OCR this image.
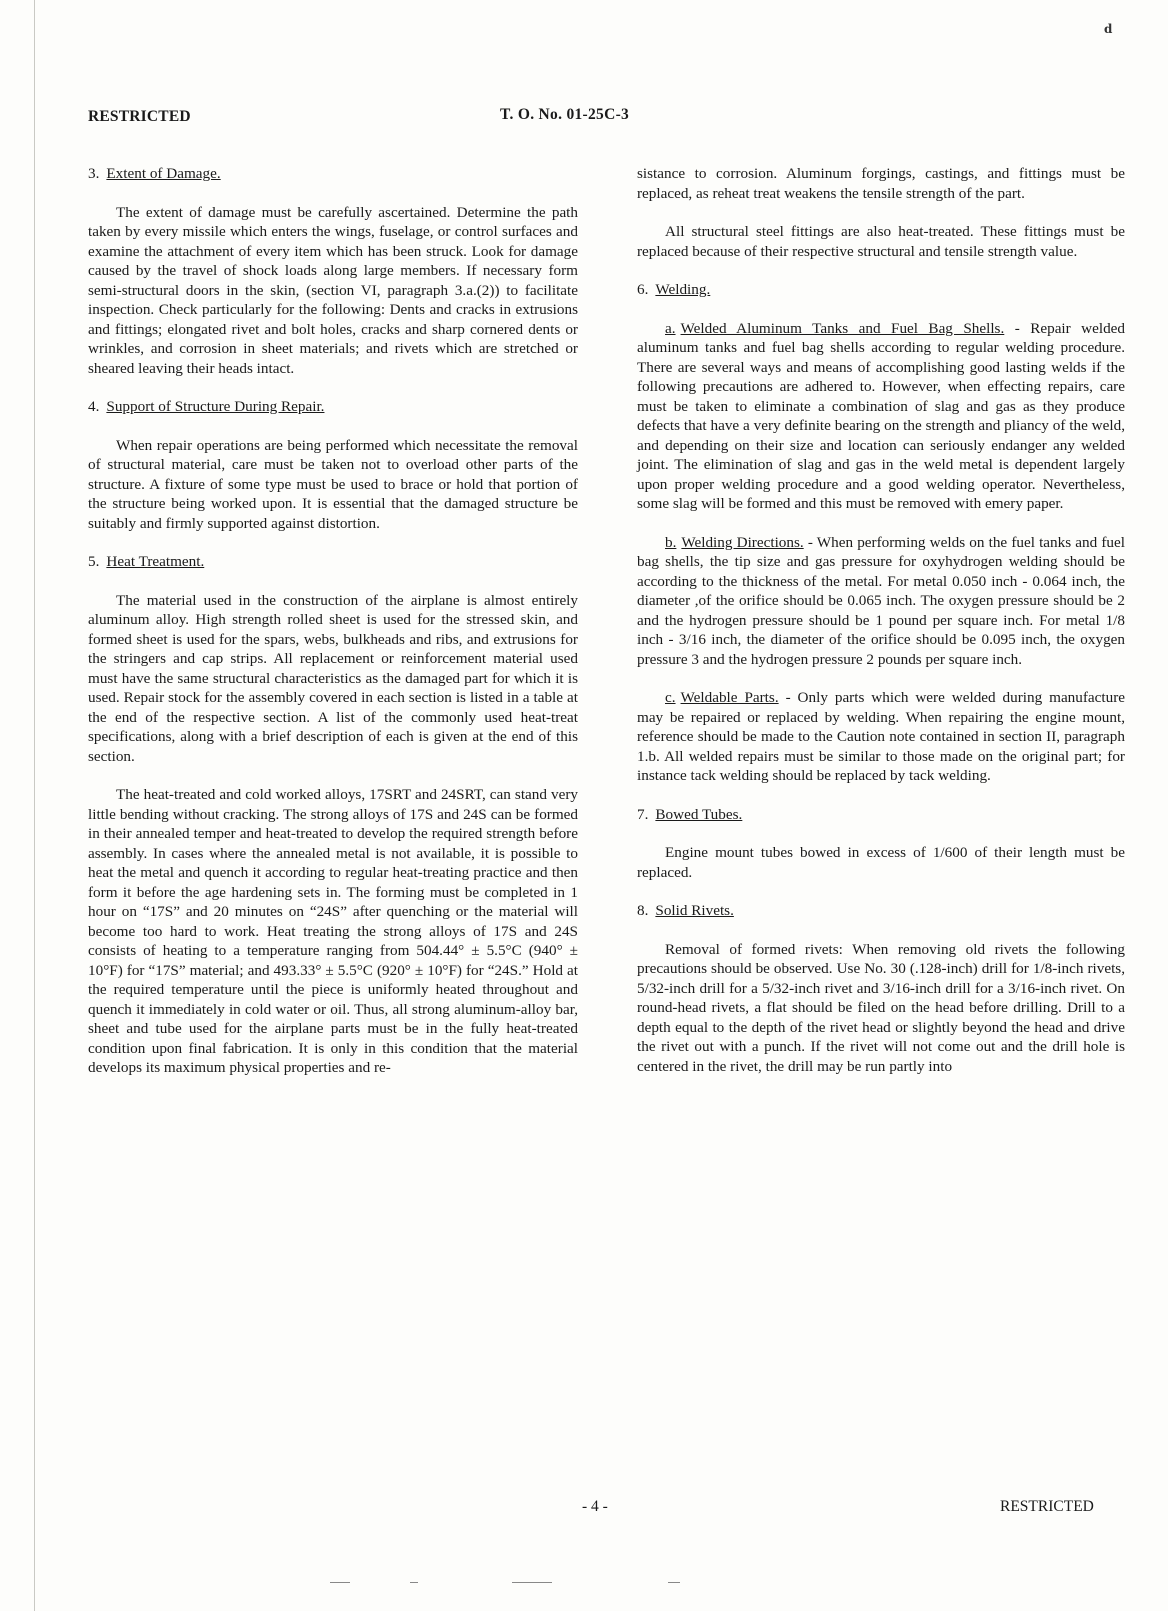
d
RESTRICTED	T. O. No. 01-25C-3
3. Extent of Damage.

The extent of damage must be carefully ascertained. Determine the path taken by every missile which enters the wings, fuselage, or control surfaces and examine the attachment of every item which has been struck. Look for damage caused by the travel of shock loads along large members. If necessary form semi-structural doors in the skin, (section VI, paragraph 3.a.(2)) to facilitate inspection. Check particularly for the following: Dents and cracks in extrusions and fittings; elongated rivet and bolt holes, cracks and sharp cornered dents or wrinkles, and corrosion in sheet materials; and rivets which are stretched or sheared leaving their heads intact.

4. Support of Structure During Repair.

When repair operations are being performed which necessitate the removal of structural material, care must be taken not to overload other parts of the structure. A fixture of some type must be used to brace or hold that portion of the structure being worked upon. It is essential that the damaged structure be suitably and firmly supported against distortion.

5. Heat Treatment.

The material used in the construction of the airplane is almost entirely aluminum alloy. High strength rolled sheet is used for the stressed skin, and formed sheet is used for the spars, webs, bulkheads and ribs, and extrusions for the stringers and cap strips. All replacement or reinforcement material used must have the same structural characteristics as the damaged part for which it is used. Repair stock for the assembly covered in each section is listed in a table at the end of the respective section. A list of the commonly used heat-treat specifications, along with a brief description of each is given at the end of this section.

The heat-treated and cold worked alloys, 17SRT and 24SRT, can stand very little bending without cracking. The strong alloys of 17S and 24S can be formed in their annealed temper and heat-treated to develop the required strength before assembly. In cases where the annealed metal is not available, it is possible to heat the metal and quench it according to regular heat-treating practice and then form it before the age hardening sets in. The forming must be completed in 1 hour on “17S” and 20 minutes on “24S” after quenching or the material will become too hard to work. Heat treating the strong alloys of 17S and 24S consists of heating to a temperature ranging from 504.44° ± 5.5°C (940° ± 10°F) for “17S” material; and 493.33° ± 5.5°C (920° ± 10°F) for “24S.” Hold at the required temperature until the piece is uniformly heated throughout and quench it immediately in cold water or oil. Thus, all strong aluminum-alloy bar, sheet and tube used for the airplane parts must be in the fully heat-treated condition upon final fabrication. It is only in this condition that the material develops its maximum physical properties and re-

sistance to corrosion. Aluminum forgings, castings, and fittings must be replaced, as reheat treat weakens the tensile strength of the part.

All structural steel fittings are also heat-treated. These fittings must be replaced because of their respective structural and tensile strength value.

6. Welding.

a. Welded Aluminum Tanks and Fuel Bag Shells. - Repair welded aluminum tanks and fuel bag shells according to regular welding procedure. There are several ways and means of accomplishing good lasting welds if the following precautions are adhered to. However, when effecting repairs, care must be taken to eliminate a combination of slag and gas as they produce defects that have a very definite bearing on the strength and pliancy of the weld, and depending on their size and location can seriously endanger any welded joint. The elimination of slag and gas in the weld metal is dependent largely upon proper welding procedure and a good welding operator. Nevertheless, some slag will be formed and this must be removed with emery paper.

b. Welding Directions. - When performing welds on the fuel tanks and fuel bag shells, the tip size and gas pressure for oxyhydrogen welding should be according to the thickness of the metal. For metal 0.050 inch - 0.064 inch, the diameter ,of the orifice should be 0.065 inch. The oxygen pressure should be 2 and the hydrogen pressure should be 1 pound per square inch. For metal 1/8 inch - 3/16 inch, the diameter of the orifice should be 0.095 inch, the oxygen pressure 3 and the hydrogen pressure 2 pounds per square inch.

c. Weldable Parts. - Only parts which were welded during manufacture may be repaired or replaced by welding. When repairing the engine mount, reference should be made to the Caution note contained in section II, paragraph 1.b. All welded repairs must be similar to those made on the original part; for instance tack welding should be replaced by tack welding.

7. Bowed Tubes.

Engine mount tubes bowed in excess of 1/600 of their length must be replaced.

8. Solid Rivets.

Removal of formed rivets: When removing old rivets the following precautions should be observed. Use No. 30 (.128-inch) drill for 1/8-inch rivets, 5/32-inch drill for a 5/32-inch rivet and 3/16-inch drill for a 3/16-inch rivet. On round-head rivets, a flat should be filed on the head before drilling. Drill to a depth equal to the depth of the rivet head or slightly beyond the head and drive the rivet out with a punch. If the rivet will not come out and the drill hole is centered in the rivet, the drill may be run partly into

- 4 -	RESTRICTED
